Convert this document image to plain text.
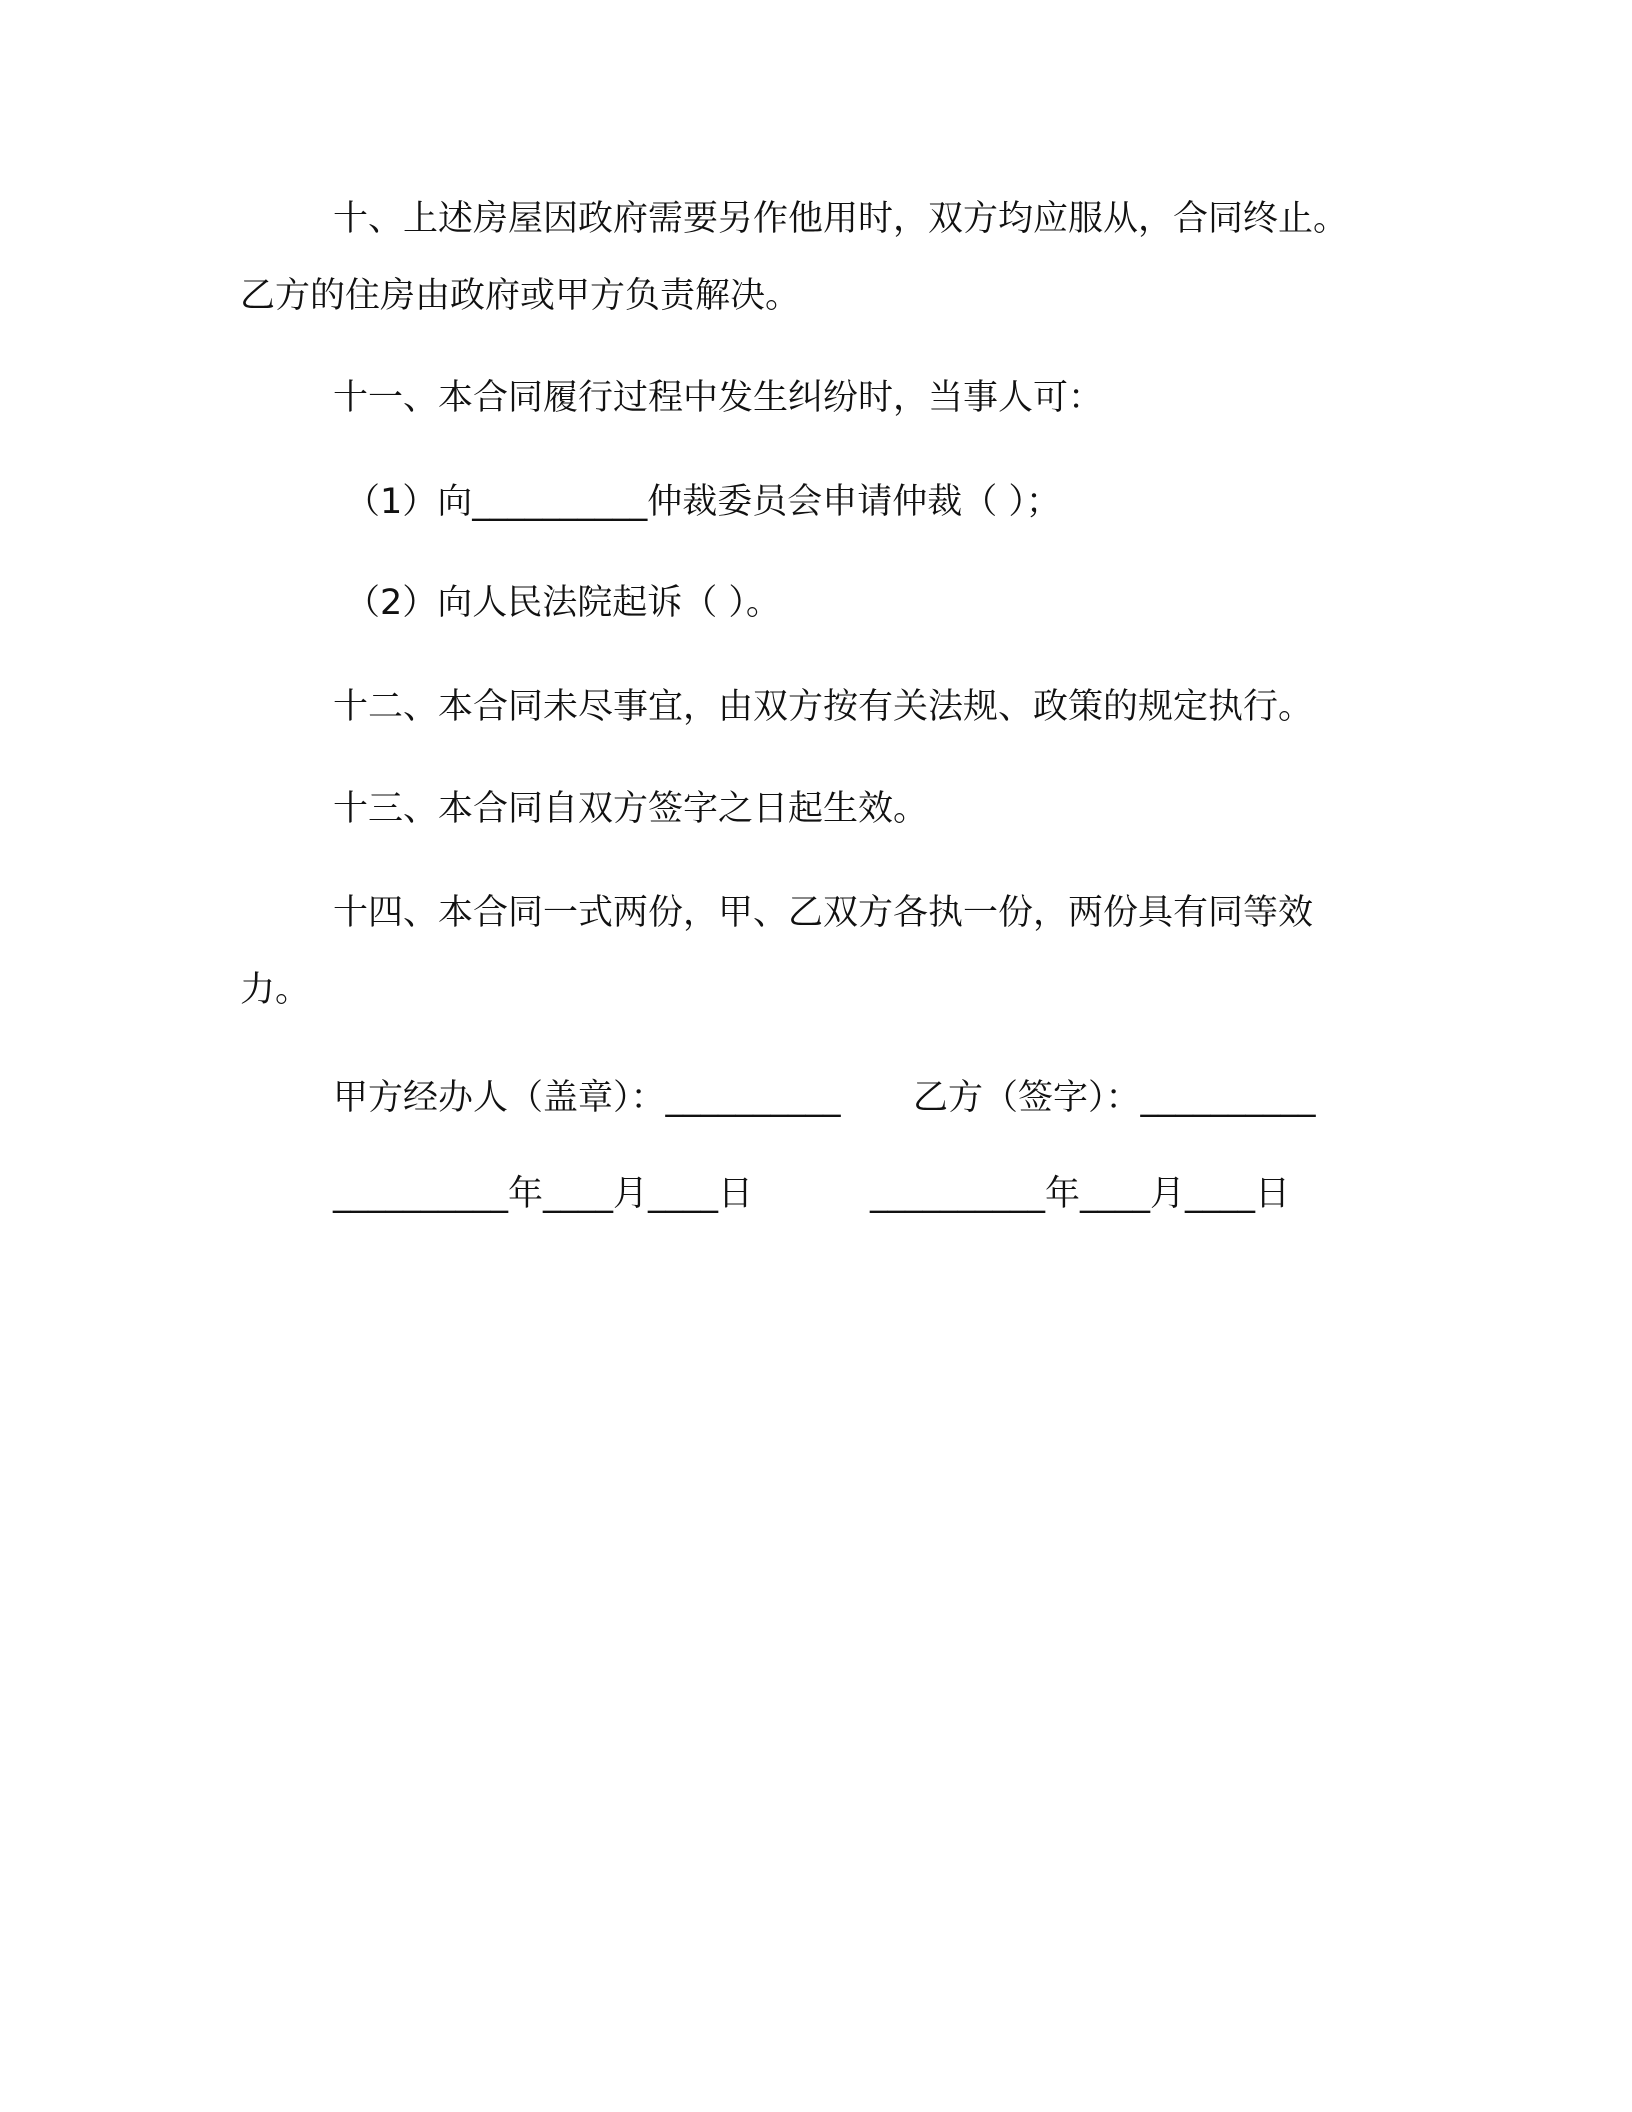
十、上述房屋因政府需要另作他用时，双方均应服从，合同终止。
乙方的住房由政府或甲方负责解决。
十一、本合同履行过程中发生纠纷时，当事人可：
（1）向__________仲裁委员会申请仲裁（ ）；
（2）向人民法院起诉（ ）。
十二、本合同未尽事宜，由双方按有关法规、政策的规定执行。
十三、本合同自双方签字之日起生效。
十四、本合同一式两份，甲、乙双方各执一份，两份具有同等效
力。
甲方经办人（盖章）：__________ 乙方（签字）：__________
__________年____月____日	__________年____月____日
